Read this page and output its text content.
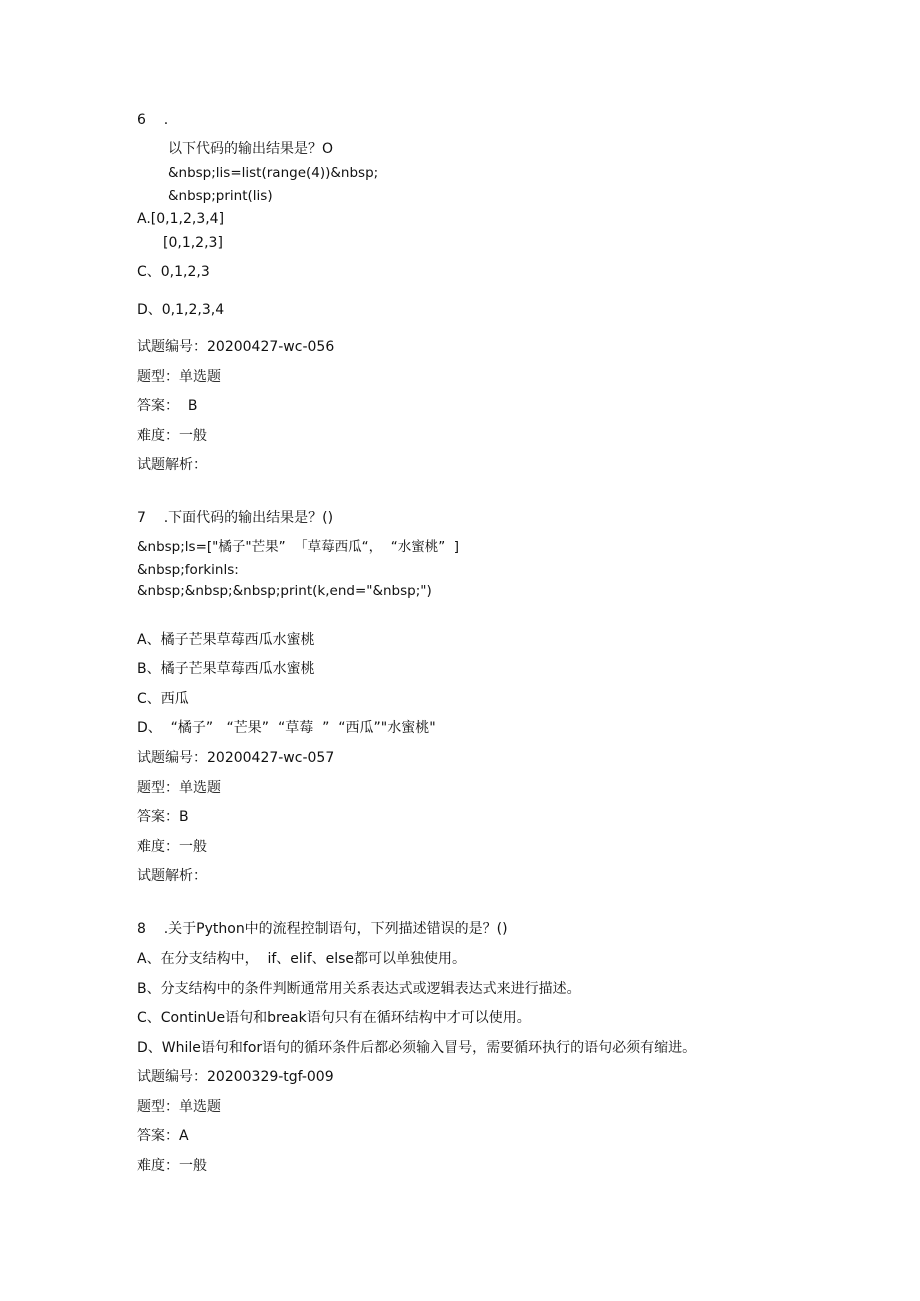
6    .
以下代码的输出结果是？O
&nbsp;lis=list(range(4))&nbsp;
&nbsp;print(lis)
A.[0,1,2,3,4]
[0,1,2,3]
C、0,1,2,3
D、0,1,2,3,4
试题编号：20200427-wc-056
题型：单选题
答案：  B
难度：一般
试题解析：
7    .下面代码的输出结果是？()
&nbsp;ls=["橘子"芒果”  「草莓西瓜“，  “水蜜桃”  ]
&nbsp;forkinls:
&nbsp;&nbsp;&nbsp;print(k,end="&nbsp;")
A、橘子芒果草莓西瓜水蜜桃
B、橘子芒果草莓西瓜水蜜桃
C、西瓜
D、  “橘子”   “芒果”  “草莓  ”  “西瓜”"水蜜桃"
试题编号：20200427-wc-057
题型：单选题
答案：B
难度：一般
试题解析：
8    .关于Python中的流程控制语句，下列描述错误的是？()
A、在分支结构中，  if、elif、else都可以单独使用。
B、分支结构中的条件判断通常用关系表达式或逻辑表达式来进行描述。
C、ContinUe语句和break语句只有在循环结构中才可以使用。
D、While语句和for语句的循环条件后都必须输入冒号，需要循环执行的语句必须有缩进。
试题编号：20200329-tgf-009
题型：单选题
答案：A
难度：一般
